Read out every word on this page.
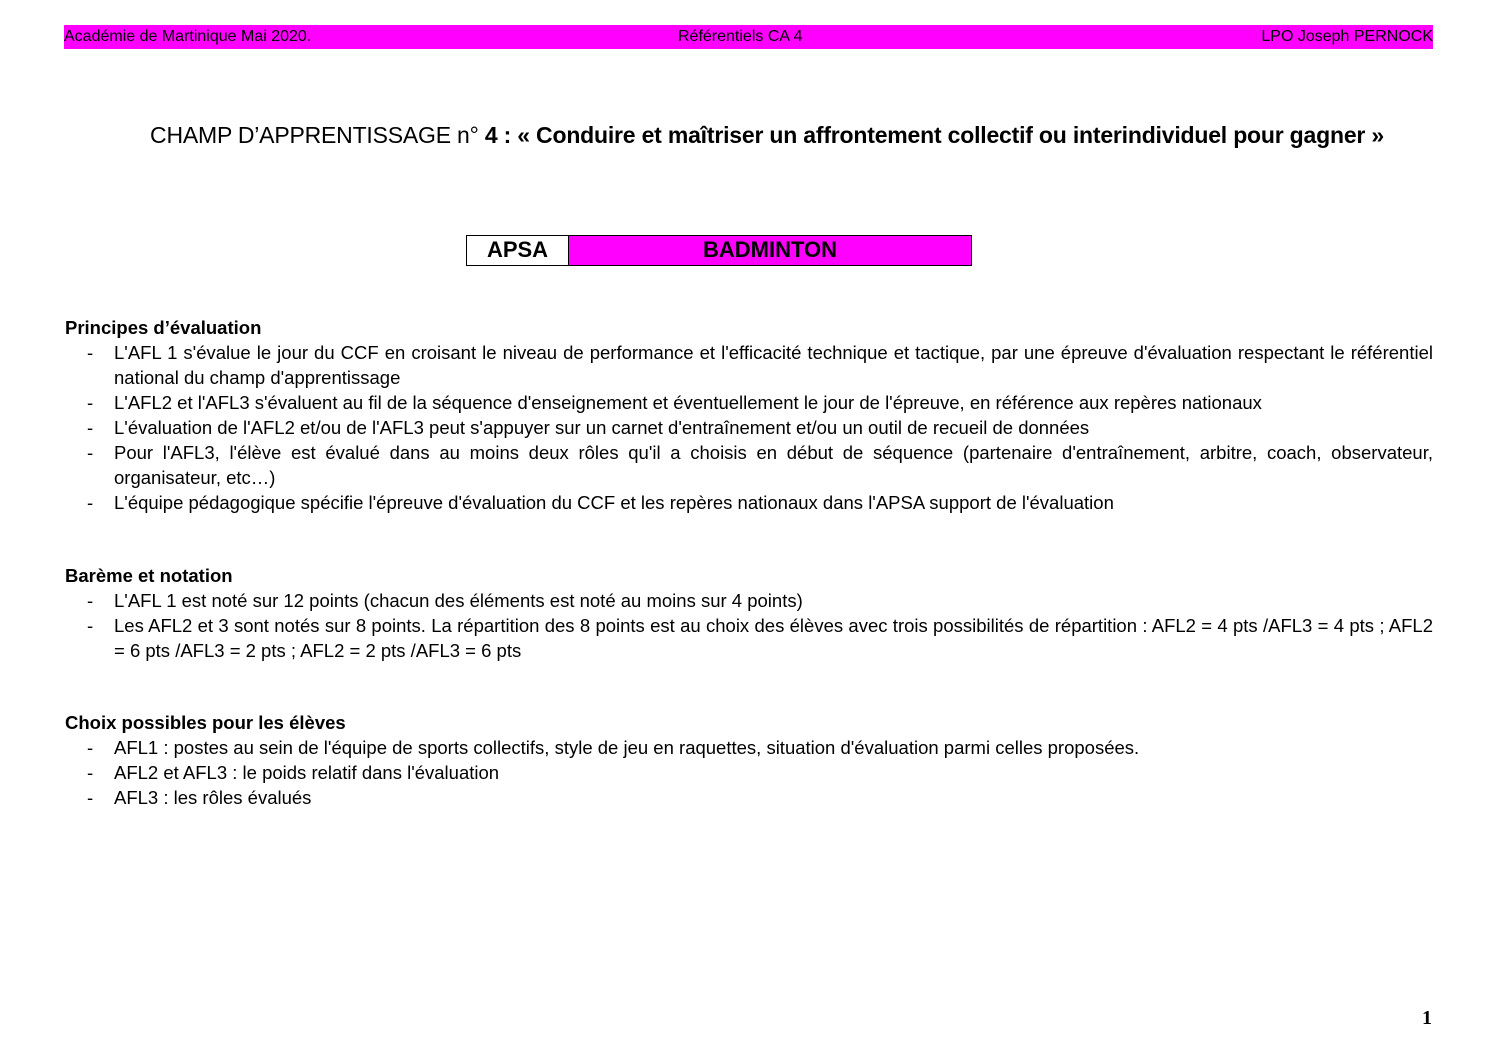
Académie de Martinique Mai 2020.	Référentiels CA 4	LPO Joseph PERNOCK
CHAMP D’APPRENTISSAGE n° 4 : « Conduire et maîtriser un affrontement collectif ou interindividuel pour gagner »
APSA	BADMINTON
Principes d’évaluation
- L'AFL 1 s'évalue le jour du CCF en croisant le niveau de performance et l'efficacité technique et tactique, par une épreuve d'évaluation respectant le référentiel national du champ d'apprentissage
- L'AFL2 et l'AFL3 s'évaluent au fil de la séquence d'enseignement et éventuellement le jour de l'épreuve, en référence aux repères nationaux
- L'évaluation de l'AFL2 et/ou de l'AFL3 peut s'appuyer sur un carnet d'entraînement et/ou un outil de recueil de données
- Pour l'AFL3, l'élève est évalué dans au moins deux rôles qu'il a choisis en début de séquence (partenaire d'entraînement, arbitre, coach, observateur, organisateur, etc…)
- L'équipe pédagogique spécifie l'épreuve d'évaluation du CCF et les repères nationaux dans l'APSA support de l'évaluation
Barème et notation
- L'AFL 1 est noté sur 12 points (chacun des éléments est noté au moins sur 4 points)
- Les AFL2 et 3 sont notés sur 8 points. La répartition des 8 points est au choix des élèves avec trois possibilités de répartition : AFL2 = 4 pts /AFL3 = 4 pts ; AFL2 = 6 pts /AFL3 = 2 pts ; AFL2 = 2 pts /AFL3 = 6 pts
Choix possibles pour les élèves
- AFL1 : postes au sein de l'équipe de sports collectifs, style de jeu en raquettes, situation d'évaluation parmi celles proposées.
- AFL2 et AFL3 : le poids relatif dans l'évaluation
- AFL3 : les rôles évalués
1
